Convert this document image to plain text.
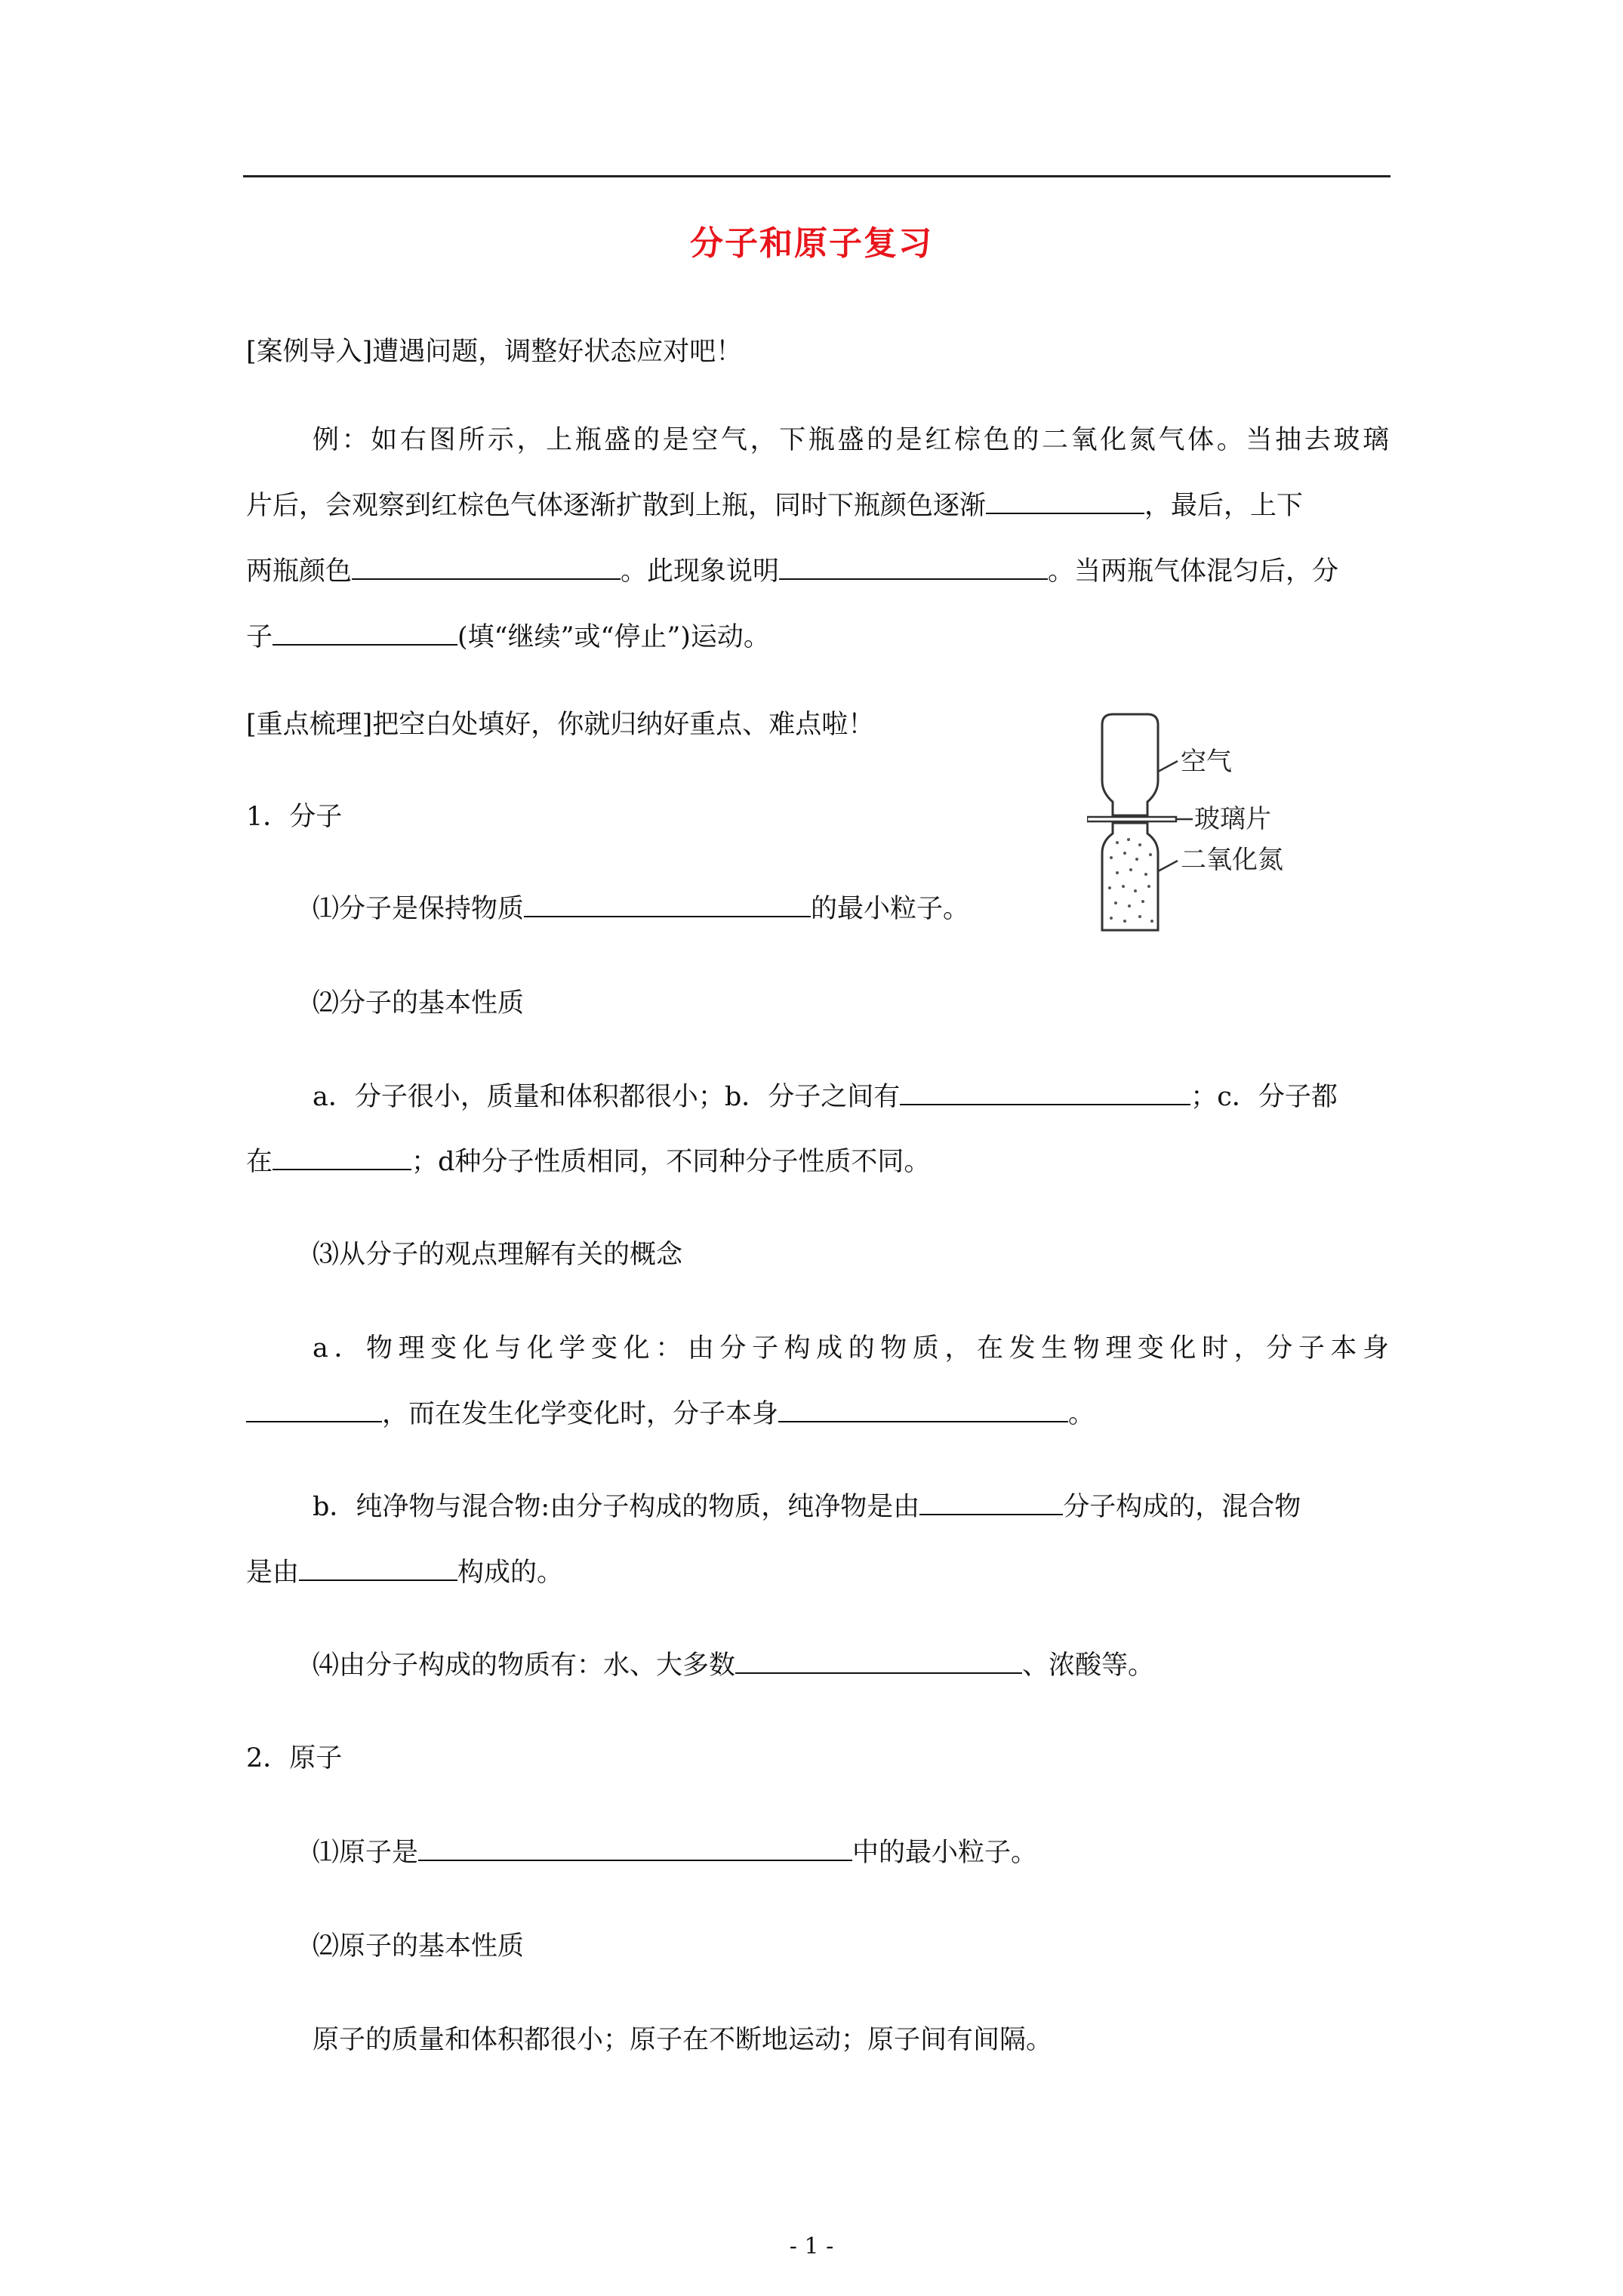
分子和原子复习
[案例导入]遭遇问题，调整好状态应对吧！
例：如右图所示，上瓶盛的是空气，下瓶盛的是红棕色的二氧化氮气体。当抽去玻璃
片后，会观察到红棕色气体逐渐扩散到上瓶，同时下瓶颜色逐渐	，最后，上下
两瓶颜色	。此现象说明	。当两瓶气体混匀后，分
子	(填“继续”或“停止”)运动。
[重点梳理]把空白处填好，你就归纳好重点、难点啦！
空气
玻璃片
二氧化氮
1．分子
⑴分子是保持物质	的最小粒子。
⑵分子的基本性质
a．分子很小，质量和体积都很小；b．分子之间有	；c．分子都
在	；d种分子性质相同，不同种分子性质不同。
⑶从分子的观点理解有关的概念
a．物理变化与化学变化：由分子构成的物质，在发生物理变化时，分子本身
，而在发生化学变化时，分子本身	。
b．纯净物与混合物:由分子构成的物质，纯净物是由	分子构成的，混合物
是由	构成的。
⑷由分子构成的物质有：水、大多数	、浓酸等。
2．原子
⑴原子是	中的最小粒子。
⑵原子的基本性质
原子的质量和体积都很小；原子在不断地运动；原子间有间隔。
- 1 -
